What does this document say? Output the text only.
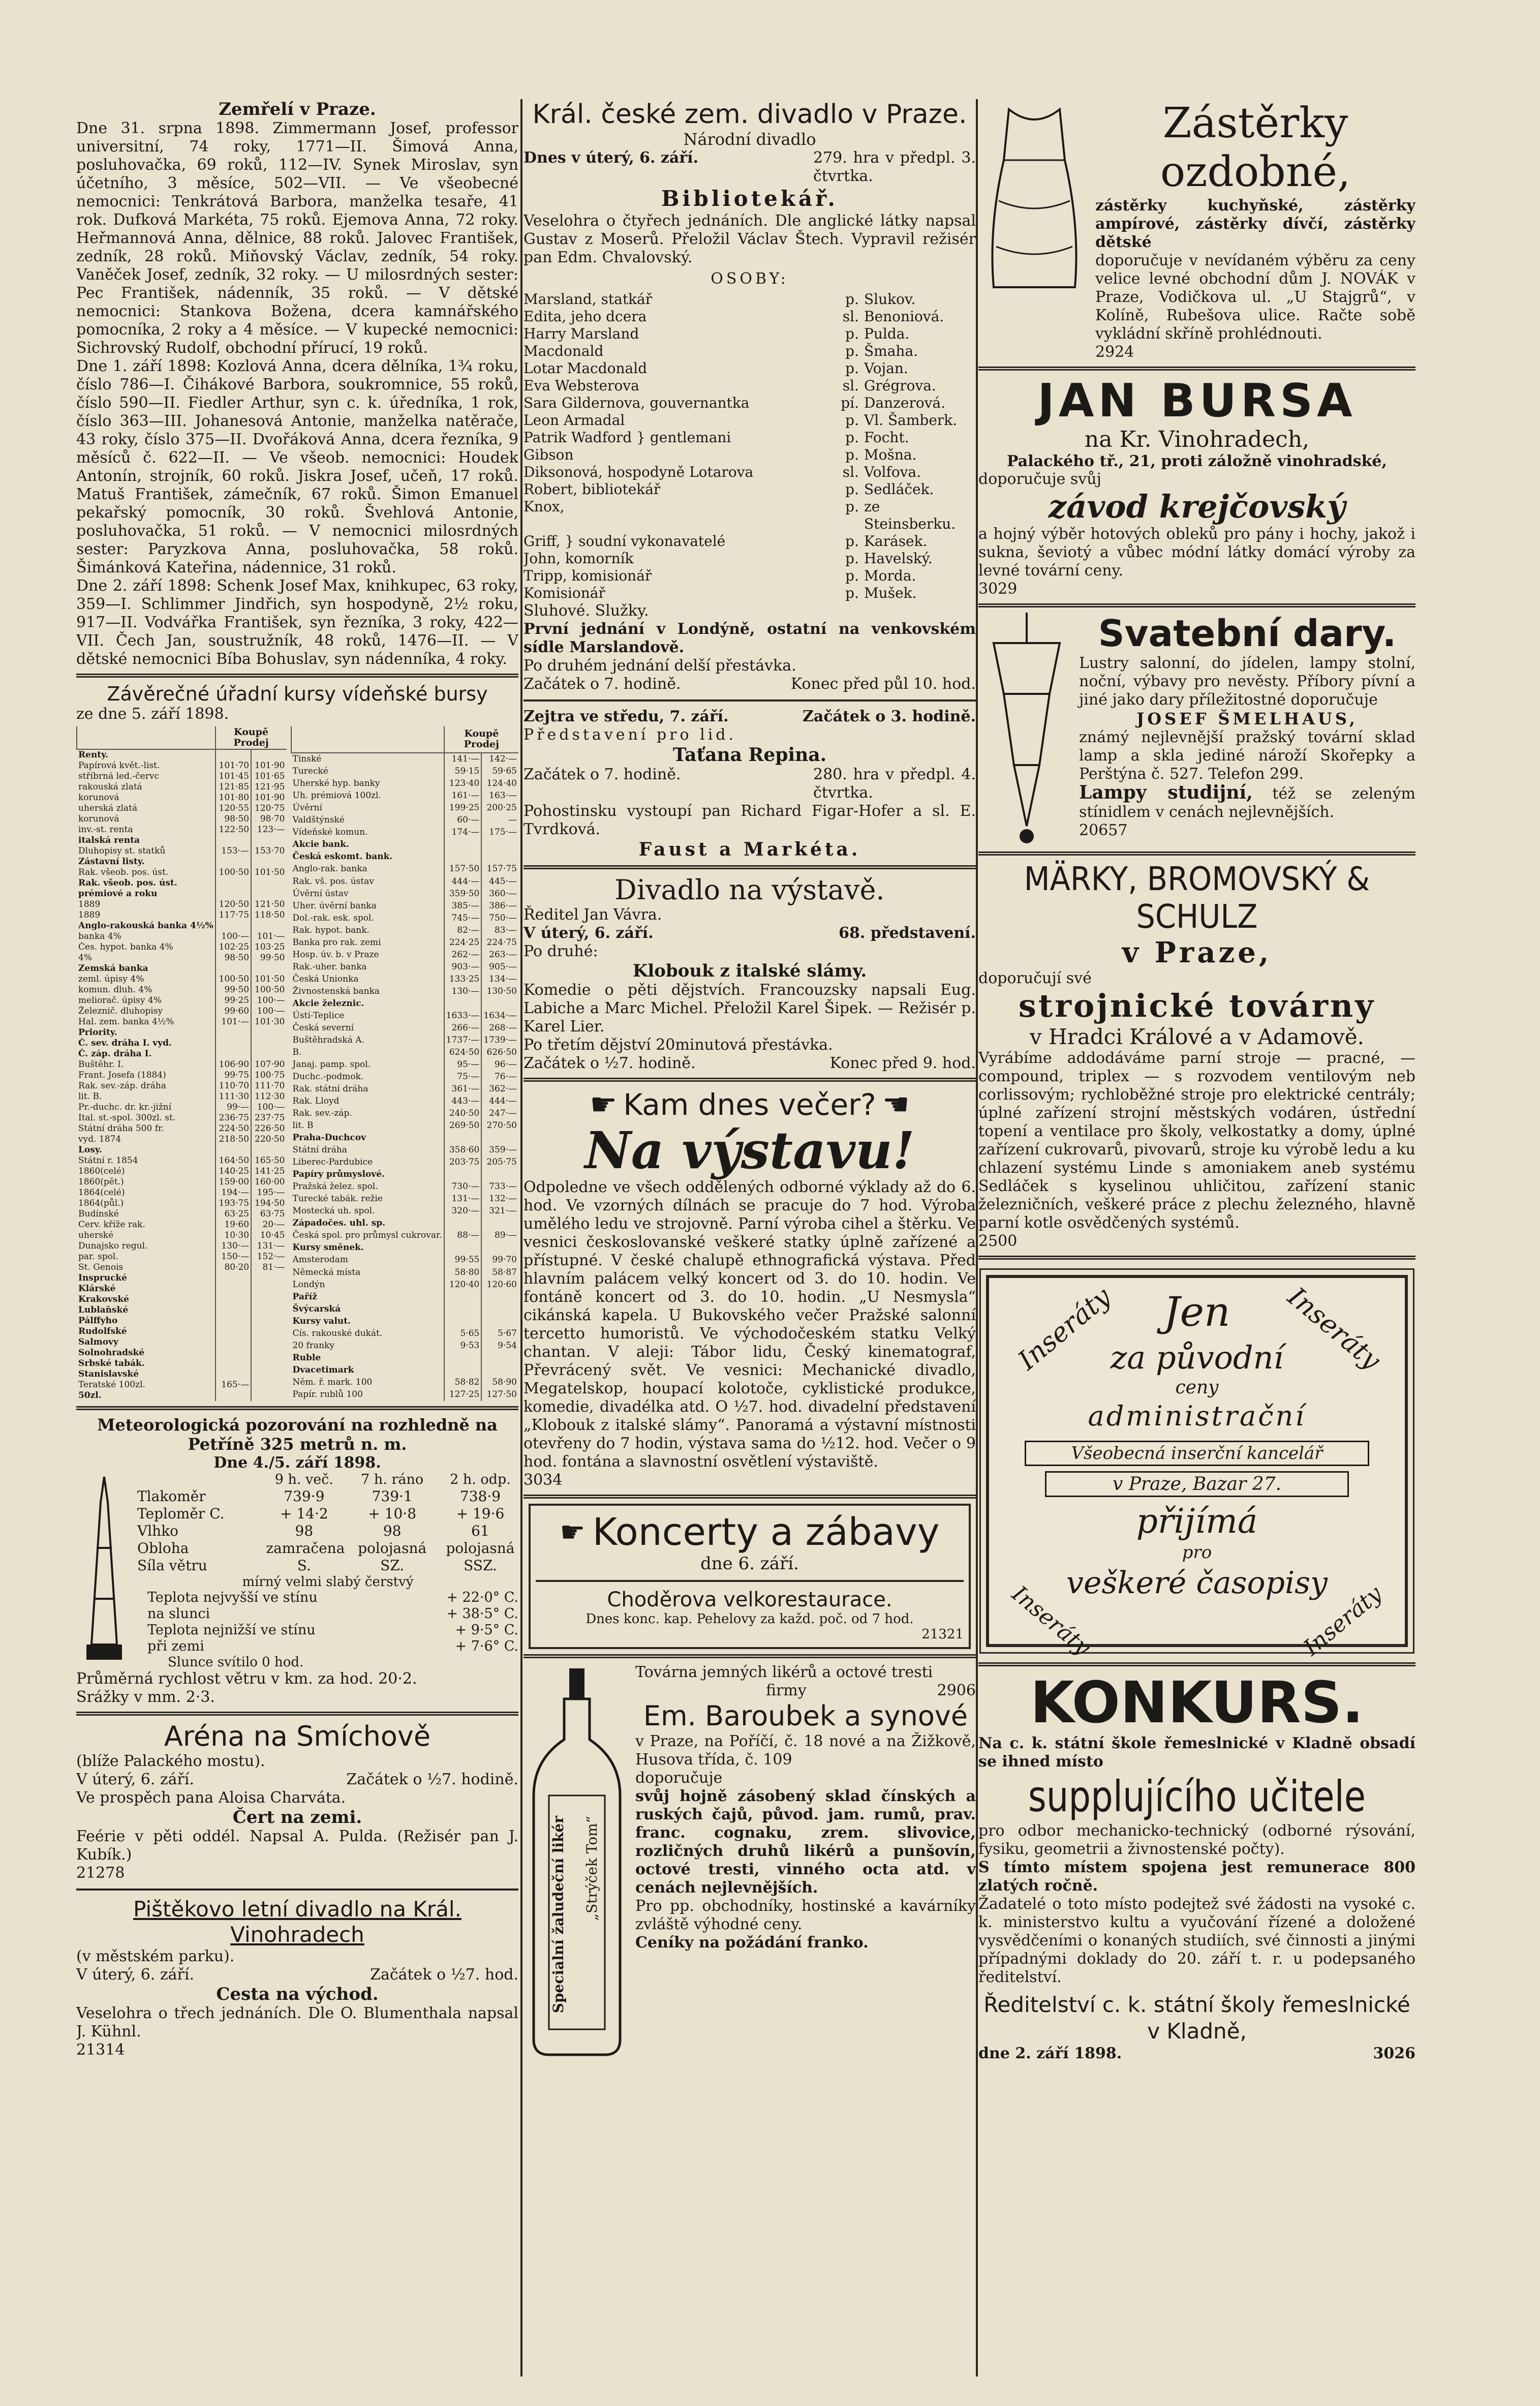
Zemřelí v Praze.

Dne 31. srpna 1898. Zimmermann Josef, professor universitní, 74 roky, 1771—II. Šimová Anna, posluhovačka, 69 roků, 112—IV. Synek Miroslav, syn účetního, 3 měsíce, 502—VII. — Ve všeobecné nemocnici: Tenkrátová Barbora, manželka tesaře, 41 rok. Dufková Markéta, 75 roků. Ejemova Anna, 72 roky. Heřmannová Anna, dělnice, 88 roků. Jalovec František, zedník, 28 roků. Miňovský Václav, zedník, 54 roky. Vaněček Josef, zedník, 32 roky. — U milosrdných sester: Pec František, nádenník, 35 roků. — V dětské nemocnici: Stankova Božena, dcera kamnářského pomocníka, 2 roky a 4 měsíce. — V kupecké nemocnici: Sichrovský Rudolf, obchodní přírucí, 19 roků.

Dne 1. září 1898: Kozlová Anna, dcera dělníka, 1¾ roku, číslo 786—I. Čihákové Barbora, soukromnice, 55 roků, číslo 590—II. Fiedler Arthur, syn c. k. úředníka, 1 rok, číslo 363—III. Johanesová Antonie, manželka natěrače, 43 roky, číslo 375—II. Dvořáková Anna, dcera řezníka, 9 měsíců č. 622—II. — Ve všeob. nemocnici: Houdek Antonín, strojník, 60 roků. Jiskra Josef, učeň, 17 roků. Matuš František, zámečník, 67 roků. Šimon Emanuel pekařský pomocník, 30 roků. Švehlová Antonie, posluhovačka, 51 roků. — V nemocnici milosrdných sester: Paryzkova Anna, posluhovačka, 58 roků. Šimánková Kateřina, nádennice, 31 roků.

Dne 2. září 1898: Schenk Josef Max, knihkupec, 63 roky, 359—I. Schlimmer Jindřich, syn hospodyně, 2½ roku, 917—II. Vodvářka František, syn řezníka, 3 roky, 422—VII. Čech Jan, soustružník, 48 roků, 1476—II. — V dětské nemocnici Bíba Bohuslav, syn nádenníka, 4 roky.

Závěrečné úřadní kursy vídeňské bursy

ze dne 5. září 1898.

	Koupě Prodej	
Renty.		
Papírová květ.-list.	101·70	101·90
stříbrná led.-červc	101·45	101·65
rakouská zlatá	121·85	121·95
korunová	101·80	101·90
uherská zlatá	120·55	120·75
korunová	98·50	98·70
inv.-st. renta	122·50	123·—
italská renta		
Dluhopisy st. statků	153·—	153·70
Zástavní listy.		
Rak. všeob. pos. úst.	100·50	101·50
Rak. všeob. pos. úst.		
prémiové a roku		
1889	120·50	121·50
1889	117·75	118·50
Anglo-rakouská banka 4½%		
banka 4%	100·—	101·—
Čes. hypot. banka 4%	102·25	103·25
4%	98·50	99·50
Zemská banka		
zeml. úpisy 4%	100·50	101·50
komun. dluh. 4%	99·50	100·50
meliorač. úpisy 4%	99·25	100·—
Železnič. dluhopisy	99·60	100·—
Hal. zem. banka 4½%	101·—	101·30
Priority.		
Č. sev. dráha I. vyd.		
Č. záp. dráha I.		
Buštěhr. I.	106·90	107·90
Frant. Josefa (1884)	99·75	100·75
Rak. sev.-záp. dráha	110·70	111·70
lit. B.	111·30	112·30
Pr.-duchc. dr. kr.-jižní	99·—	100·—
Ital. st.-spol. 300zl. st.	236·75	237·75
Státní dráha 500 fr.	224·50	226·50
vyd. 1874	218·50	220·50
Losy.		
Státní r. 1854	164·50	165·50
1860(celé)	140·25	141·25
1860(pět.)	159·00	160·00
1864(celé)	194·—	195·—
1864(půl.)	193·75	194·50
Budínské	63·25	63·75
Cerv. kříže rak.	19·60	20·—
uherské	10·30	10·45
Dunajsko regul.	130·—	131·—
par. spol.	150·—	152·—
St. Genois	80·20	81·—
Insprucké		
Klárské		
Krakovské		
Lublaňské		
Pálffyho		
Rudolfské		
Salmovy		
Solnohradské		
Srbské tabák.		
Stanislavské		
Teratské 100zl.	165·—	
50zl.		
	Koupě Prodej	
Tinské	141·—	142·—
Turecké	59·15	59·65
Uherské hyp. banky	123·40	124·40
Uh. prémiová 100zl.	161·—	163·—
Úvěrní	199·25	200·25
Valdštýnské	60·—	—
Vídeňské komun.	174·—	175·—
Akcie bank.		
Česká eskomt. bank.		
Anglo-rak. banka	157·50	157·75
Rak. vš. pos. ústav	444·—	445·—
Úvěrní ústav	359·50	360·—
Uher. úvěrní banka	385·—	386·—
Dol.-rak. esk. spol.	745·—	750·—
Rak. hypot. bank.	82·—	83·—
Banka pro rak. zemi	224·25	224·75
Hosp. úv. b. v Praze	262·—	263·—
Rak.-uher. banka	903·—	905·—
Česká Unionka	133·25	134·—
Živnostenská banka	130·—	130·50
Akcie železnic.		
Ústí-Teplice	1633·—	1634·—
Česká severní	266·—	268·—
Buštěhradská A.	1737·—	1739·—
B.	624·50	626·50
Janaj. pamp. spol.	95·—	96·—
Duchc.-podmok.	75·—	76·—
Rak. státní dráha	361·—	362·—
Rak. Lloyd	443·—	444·—
Rak. sev.-záp.	240·50	247·—
lit. B	269·50	270·50
Praha-Duchcov		
Státní dráha	358·60	359·—
Liberec-Pardubice	203·75	205·75
Papíry průmyslové.		
Pražská želez. spol.	730·—	733·—
Turecké tabák. režie	131·—	132·—
Mostecká uh. spol.	320·—	321·—
Západočes. uhl. sp.		
Česká spol. pro průmysl cukrovar.	88·—	89·—
Kursy směnek.		
Amsterodam	99·55	99·70
Německá místa	58·80	58·87
Londýn	120·40	120·60
Paříž		
Švýcarská		
Kursy valut.		
Cís. rakouské dukát.	5·65	5·67
20 franky	9·53	9·54
Ruble		
Dvacetimark		
Něm. ř. mark. 100	58·82	58·90
Papír. rublů 100	127·25	127·50

Meteorologická pozorování na rozhledně na Petříně 325 metrů n. m.

Dne 4./5. září 1898.

9 h. več.	7 h. ráno	2 h. odp.
Tlakoměr	739·9	739·1	738·9
Teploměr C.	+ 14·2	+ 10·8	+ 19·6
Vlhko	98	98	61
Obloha	zamračena polojasná polojasná
Síla větru	S.	SZ.	SSZ.

mírný velmi slabý čerstvý

Teplota nejvyšší ve stínu	+ 22·0° C.
na slunci	+ 38·5° C.
Teplota nejnižší ve stínu	+ 9·5° C.
při zemi	+ 7·6° C.

Slunce svítilo 0 hod.

Průměrná rychlost větru v km. za hod. 20·2.

Srážky v mm. 2·3.

Aréna na Smíchově

(blíže Palackého mostu).

V úterý, 6. září.	Začátek o ½7. hodině.

Ve prospěch pana Aloisa Charváta.

Čert na zemi.

Feérie v pěti oddél. Napsal A. Pulda. (Režisér pan J. Kubík.)

21278

Pištěkovo letní divadlo na Král. Vinohradech

(v městském parku).

V úterý, 6. září.	Začátek o ½7. hod.

Cesta na východ.

Veselohra o třech jednáních. Dle O. Blumenthala napsal J. Kühnl.

21314

Král. české zem. divadlo v Praze.

Národní divadlo

Dnes v úterý, 6. září.	279. hra v předpl. 3. čtvrtka.

Bibliotekář.

Veselohra o čtyřech jednáních. Dle anglické látky napsal Gustav z Moserů. Přeložil Václav Štech. Vypravil režisér pan Edm. Chvalovský.

OSOBY:

Marsland, statkář	p. Slukov.
Edita, jeho dcera	sl. Benoniová.
Harry Marsland	p. Pulda.
Macdonald	p. Šmaha.
Lotar Macdonald	p. Vojan.
Eva Websterova	sl. Grégrova.
Sara Gildernova, gouvernantka	pí. Danzerová.
Leon Armadal	p. Vl. Šamberk.
Patrik Wadford } gentlemani	p. Focht.
Gibson	p. Mošna.
Diksonová, hospodyně Lotarova	sl. Volfova.
Robert, bibliotekář	p. Sedláček.
Knox,	p. ze Steinsberku.
Griff, } soudní vykonavatelé	p. Karásek.
John, komorník	p. Havelský.
Tripp, komisionář	p. Morda.
Komisionář	p. Mušek.

Sluhové. Služky.

První jednání v Londýně, ostatní na venkovském sídle Marslandově.

Po druhém jednání delší přestávka.

Začátek o 7. hodině.	Konec před půl 10. hod.
Zejtra ve středu, 7. září.	Začátek o 3. hodině.

Představení pro lid.

Taťana Repina.

Začátek o 7. hodině.	280. hra v předpl. 4. čtvrtka.

Pohostinsku vystoupí pan Richard Figar-Hofer a sl. E. Tvrdková.

Faust a Markéta.

Divadlo na výstavě.

Ředitel Jan Vávra.

V úterý, 6. září.	68. představení.

Po druhé:

Klobouk z italské slámy.

Komedie o pěti dějstvích. Francouzsky napsali Eug. Labiche a Marc Michel. Přeložil Karel Šipek. — Režisér p. Karel Lier.

Po třetím dějství 20minutová přestávka.

Začátek o ½7. hodině.	Konec před 9. hod.
☛ Kam dnes večer? ☚

Na výstavu!

Odpoledne ve všech oddělených odborné výklady až do 6. hod. Ve vzorných dílnách se pracuje do 7 hod. Výroba umělého ledu ve strojovně. Parní výroba cihel a štěrku. Ve vesnici českoslovanské veškeré statky úplně zařízené a přístupné. V české chalupě ethnografická výstava. Před hlavním palácem velký koncert od 3. do 10. hodin. Ve fontáně koncert od 3. do 10. hodin. „U Nesmysla“ cikánská kapela. U Bukovského večer Pražské salonní tercetto humoristů. Ve východočeském statku Velký chantan. V aleji: Tábor lidu, Český kinematograf, Převrácený svět. Ve vesnici: Mechanické divadlo, Megatelskop, houpací kolotoče, cyklistické produkce, komedie, divadélka atd. O ½7. hod. divadelní představení „Klobouk z italské slámy“. Panoramá a výstavní místnosti otevřeny do 7 hodin, výstava sama do ½12. hod. Večer o 9 hod. fontána a slavnostní osvětlení výstaviště.

3034

☛ Koncerty a zábavy

dne 6. září.

Choděrova velkorestaurace.

Dnes konc. kap. Pehelovy za každ. poč. od 7 hod.

21321

Specialní žaludeční likér „Strýček Tom“

Továrna jemných likérů a octové tresti

firmy	2906

Em. Baroubek a synové

v Praze, na Poříčí, č. 18 nové a na Žižkově, Husova třída, č. 109

doporučuje

svůj hojně zásobený sklad čínských a ruských čajů, původ. jam. rumů, prav. franc. cognaku, zrem. slivovice, rozličných druhů likérů a punšovín, octové tresti, vinného octa atd. v cenách nejlevnějších.

Pro pp. obchodníky, hostinské a kavárníky zvláště výhodné ceny.

Ceníky na požádání franko.

Zástěrky ozdobné,

zástěrky kuchyňské, zástěrky ampírové, zástěrky dívčí, zástěrky dětské

doporučuje v nevídaném výběru za ceny velice levné obchodní dům J. NOVÁK v Praze, Vodičkova ul. „U Stajgrů“, v Kolíně, Rubešova ulice. Račte sobě vykládní skříně prohlédnouti.

2924

JAN BURSA

na Kr. Vinohradech,

Palackého tř., 21, proti záložně vinohradské,

doporučuje svůj

závod krejčovský

a hojný výběr hotových obleků pro pány i hochy, jakož i sukna, ševiotý a vůbec módní látky domácí výroby za levné tovární ceny.

3029

Svatební dary.

Lustry salonní, do jídelen, lampy stolní, noční, výbavy pro nevěsty. Příbory pívní a jiné jako dary příležitostné doporučuje

JOSEF ŠMELHAUS,

známý nejlevnější pražský tovární sklad lamp a skla jediné nároží Skořepky a Perštýna č. 527. Telefon 299.

Lampy studijní, též se zeleným stínidlem v cenách nejlevnějších.

20657

MÄRKY, BROMOVSKÝ & SCHULZ

v Praze,

doporučují své

strojnické továrny

v Hradci Králové a v Adamově.

Vyrábíme addodáváme parní stroje — pracné, — compound, triplex — s rozvodem ventilovým neb corlissovým; rychloběžné stroje pro elektrické centrály; úplné zařízení strojní městských vodáren, ústřední topení a ventilace pro školy, velkostatky a domy, úplné zařízení cukrovarů, pivovarů, stroje ku výrobě ledu a ku chlazení systému Linde s amoniakem aneb systému Sedláček s kyselinou uhličitou, zařízení stanic železničních, veškeré práce z plechu železného, hlavně parní kotle osvědčených systémů.

2500

Inseráty	Inseráty

Jen

za původní

ceny

administrační

Všeobecná inserční kancelář

v Praze, Bazar 27.

přijímá

pro

veškeré časopisy

Inseráty	Inseráty

KONKURS.

Na c. k. státní škole řemeslnické v Kladně obsadí se ihned místo

supplujícího učitele

pro odbor mechanicko-technický (odborné rýsování, fysiku, geometrii a živnostenské počty).

S tímto místem spojena jest remunerace 800 zlatých ročně.

Žadatelé o toto místo podejtež své žádosti na vysoké c. k. ministerstvo kultu a vyučování řízené a doložené vysvědčeními o konaných studiích, své činnosti a jinými případnými doklady do 20. září t. r. u podepsaného ředitelství.

Ředitelství c. k. státní školy řemeslnické v Kladně,

dne 2. září 1898.	3026
